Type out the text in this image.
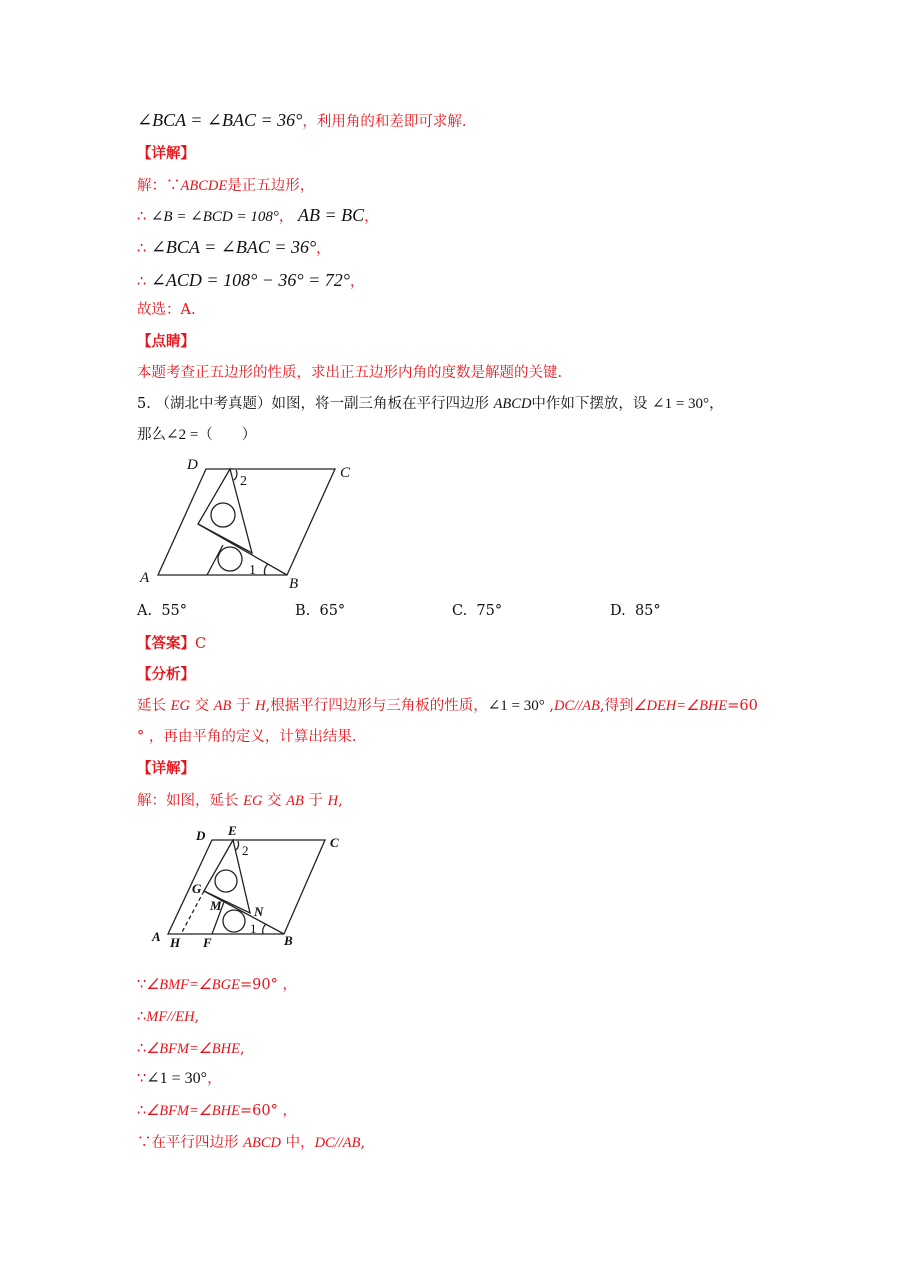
∠BCA = ∠BAC = 36°，利用角的和差即可求解.
【详解】
解：∵ABCDE是正五边形，
∴ ∠B = ∠BCD = 108°， AB = BC，
∴ ∠BCA = ∠BAC = 36°，
∴ ∠ACD = 108° − 36° = 72°，
故选：A.
【点睛】
本题考查正五边形的性质，求出正五边形内角的度数是解题的关键.
5. （湖北中考真题）如图，将一副三角板在平行四边形 ABCD中作如下摆放，设 ∠1 = 30°，
那么∠2 =（　　）
D	C
A	B
2
1
A. 55°	B. 65°	C. 75°	D. 85°
【答案】C
【分析】
延长 EG 交 AB 于 H,根据平行四边形与三角板的性质，∠1 = 30° ,DC//AB,得到∠DEH=∠BHE=60
° ，再由平角的定义，计算出结果.
【详解】
解：如图，延长 EG 交 AB 于 H,
D E
C
G
M N
A H F	B
2
1
∵∠BMF=∠BGE=90° ，
∴MF//EH,
∴∠BFM=∠BHE,
∵∠1 = 30°，
∴∠BFM=∠BHE=60° ，
∵在平行四边形 ABCD 中，DC//AB,
